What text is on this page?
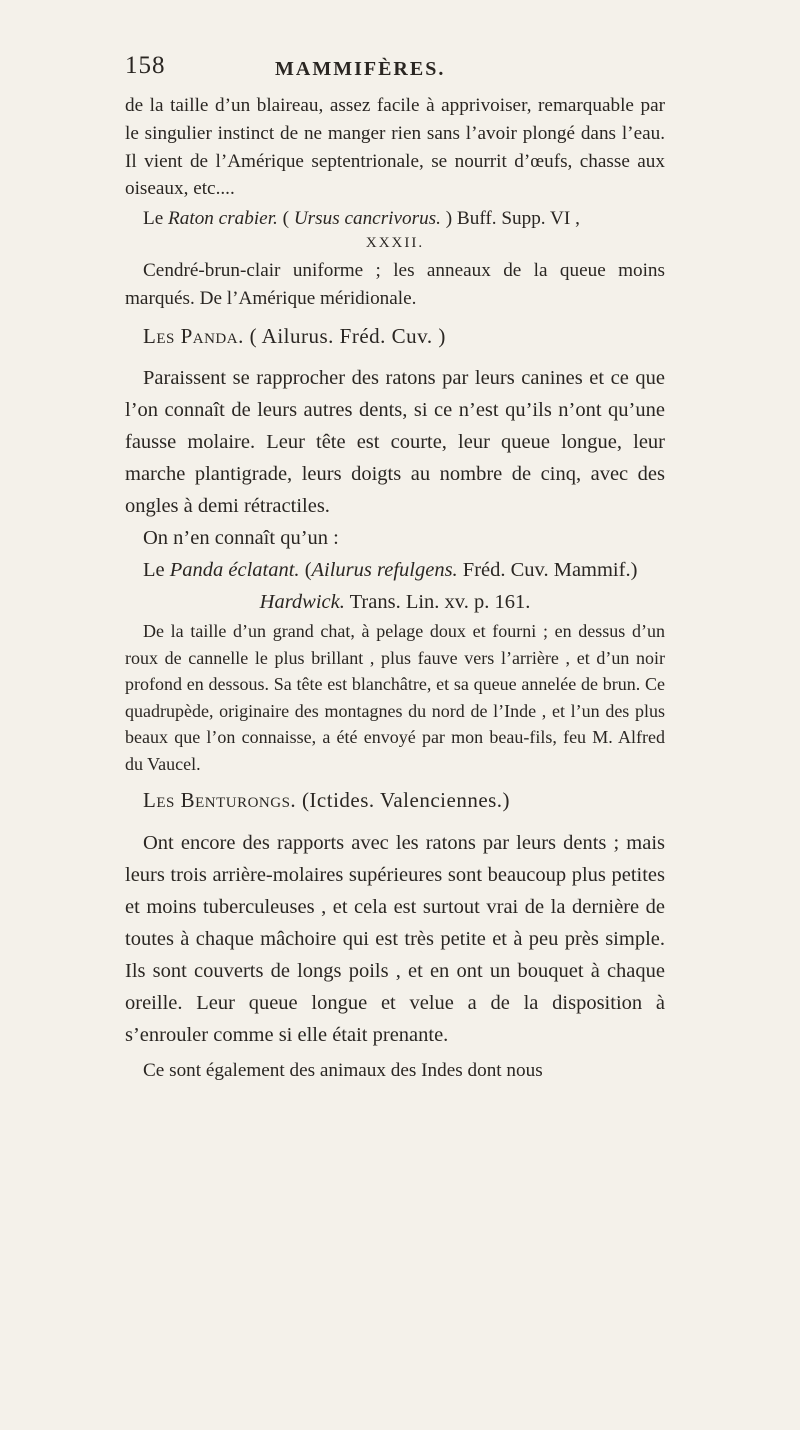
158	MAMMIFÈRES.

de la taille d’un blaireau, assez facile à apprivoiser, remarquable par le singulier instinct de ne manger rien sans l’avoir plongé dans l’eau. Il vient de l’Amérique septentrionale, se nourrit d’œufs, chasse aux oiseaux, etc....

Le Raton crabier. ( Ursus cancrivorus. ) Buff. Supp. VI ,

XXXII.

Cendré-brun-clair uniforme ; les anneaux de la queue moins marqués. De l’Amérique méridionale.

Les Panda. ( Ailurus. Fréd. Cuv. )

Paraissent se rapprocher des ratons par leurs canines et ce que l’on connaît de leurs autres dents, si ce n’est qu’ils n’ont qu’une fausse molaire. Leur tête est courte, leur queue longue, leur marche plantigrade, leurs doigts au nombre de cinq, avec des ongles à demi rétractiles.

On n’en connaît qu’un :

Le Panda éclatant. (Ailurus refulgens. Fréd. Cuv. Mammif.)

Hardwick. Trans. Lin. xv. p. 161.

De la taille d’un grand chat, à pelage doux et fourni ; en dessus d’un roux de cannelle le plus brillant , plus fauve vers l’arrière , et d’un noir profond en dessous. Sa tête est blanchâtre, et sa queue annelée de brun. Ce quadrupède, originaire des montagnes du nord de l’Inde , et l’un des plus beaux que l’on connaisse, a été envoyé par mon beau-fils, feu M. Alfred du Vaucel.

Les Benturongs. (Ictides. Valenciennes.)

Ont encore des rapports avec les ratons par leurs dents ; mais leurs trois arrière-molaires supérieures sont beaucoup plus petites et moins tuberculeuses , et cela est surtout vrai de la dernière de toutes à chaque mâchoire qui est très petite et à peu près simple. Ils sont couverts de longs poils , et en ont un bouquet à chaque oreille. Leur queue longue et velue a de la disposition à s’enrouler comme si elle était prenante.

Ce sont également des animaux des Indes dont nous
